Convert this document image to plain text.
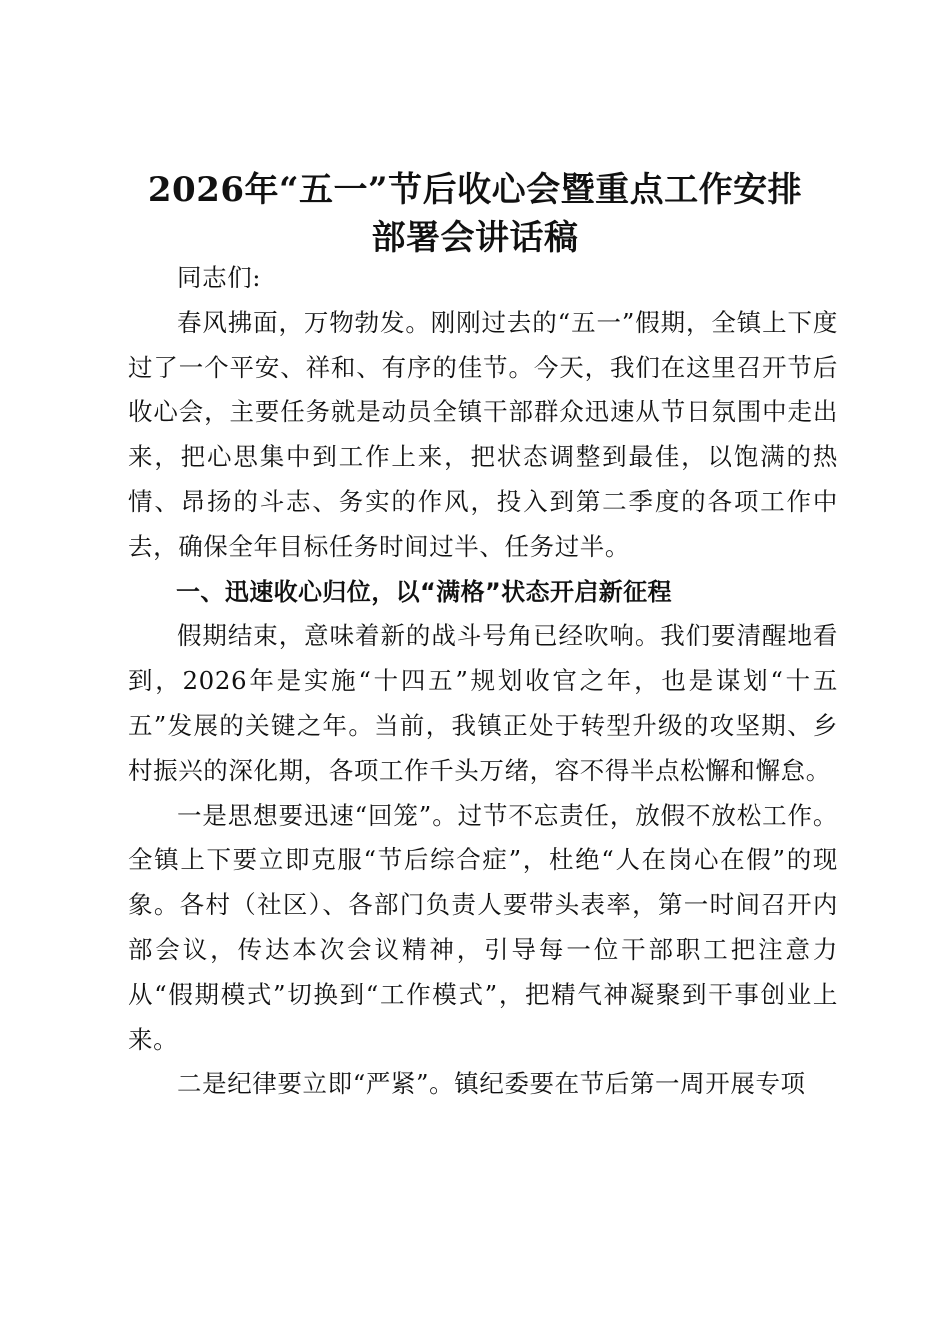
2026年“五一”节后收心会暨重点工作安排
部署会讲话稿

同志们:

春风拂面，万物勃发。刚刚过去的“五一”假期，全镇上下度过了一个平安、祥和、有序的佳节。今天，我们在这里召开节后收心会，主要任务就是动员全镇干部群众迅速从节日氛围中走出来，把心思集中到工作上来，把状态调整到最佳，以饱满的热情、昂扬的斗志、务实的作风，投入到第二季度的各项工作中去，确保全年目标任务时间过半、任务过半。

一、迅速收心归位，以“满格”状态开启新征程

假期结束，意味着新的战斗号角已经吹响。我们要清醒地看到，2026年是实施“十四五”规划收官之年，也是谋划“十五五”发展的关键之年。当前，我镇正处于转型升级的攻坚期、乡村振兴的深化期，各项工作千头万绪，容不得半点松懈和懈怠。

一是思想要迅速“回笼”。过节不忘责任，放假不放松工作。全镇上下要立即克服“节后综合症”，杜绝“人在岗心在假”的现象。各村（社区）、各部门负责人要带头表率，第一时间召开内部会议，传达本次会议精神，引导每一位干部职工把注意力从“假期模式”切换到“工作模式”，把精气神凝聚到干事创业上来。

二是纪律要立即“严紧”。镇纪委要在节后第一周开展专项
